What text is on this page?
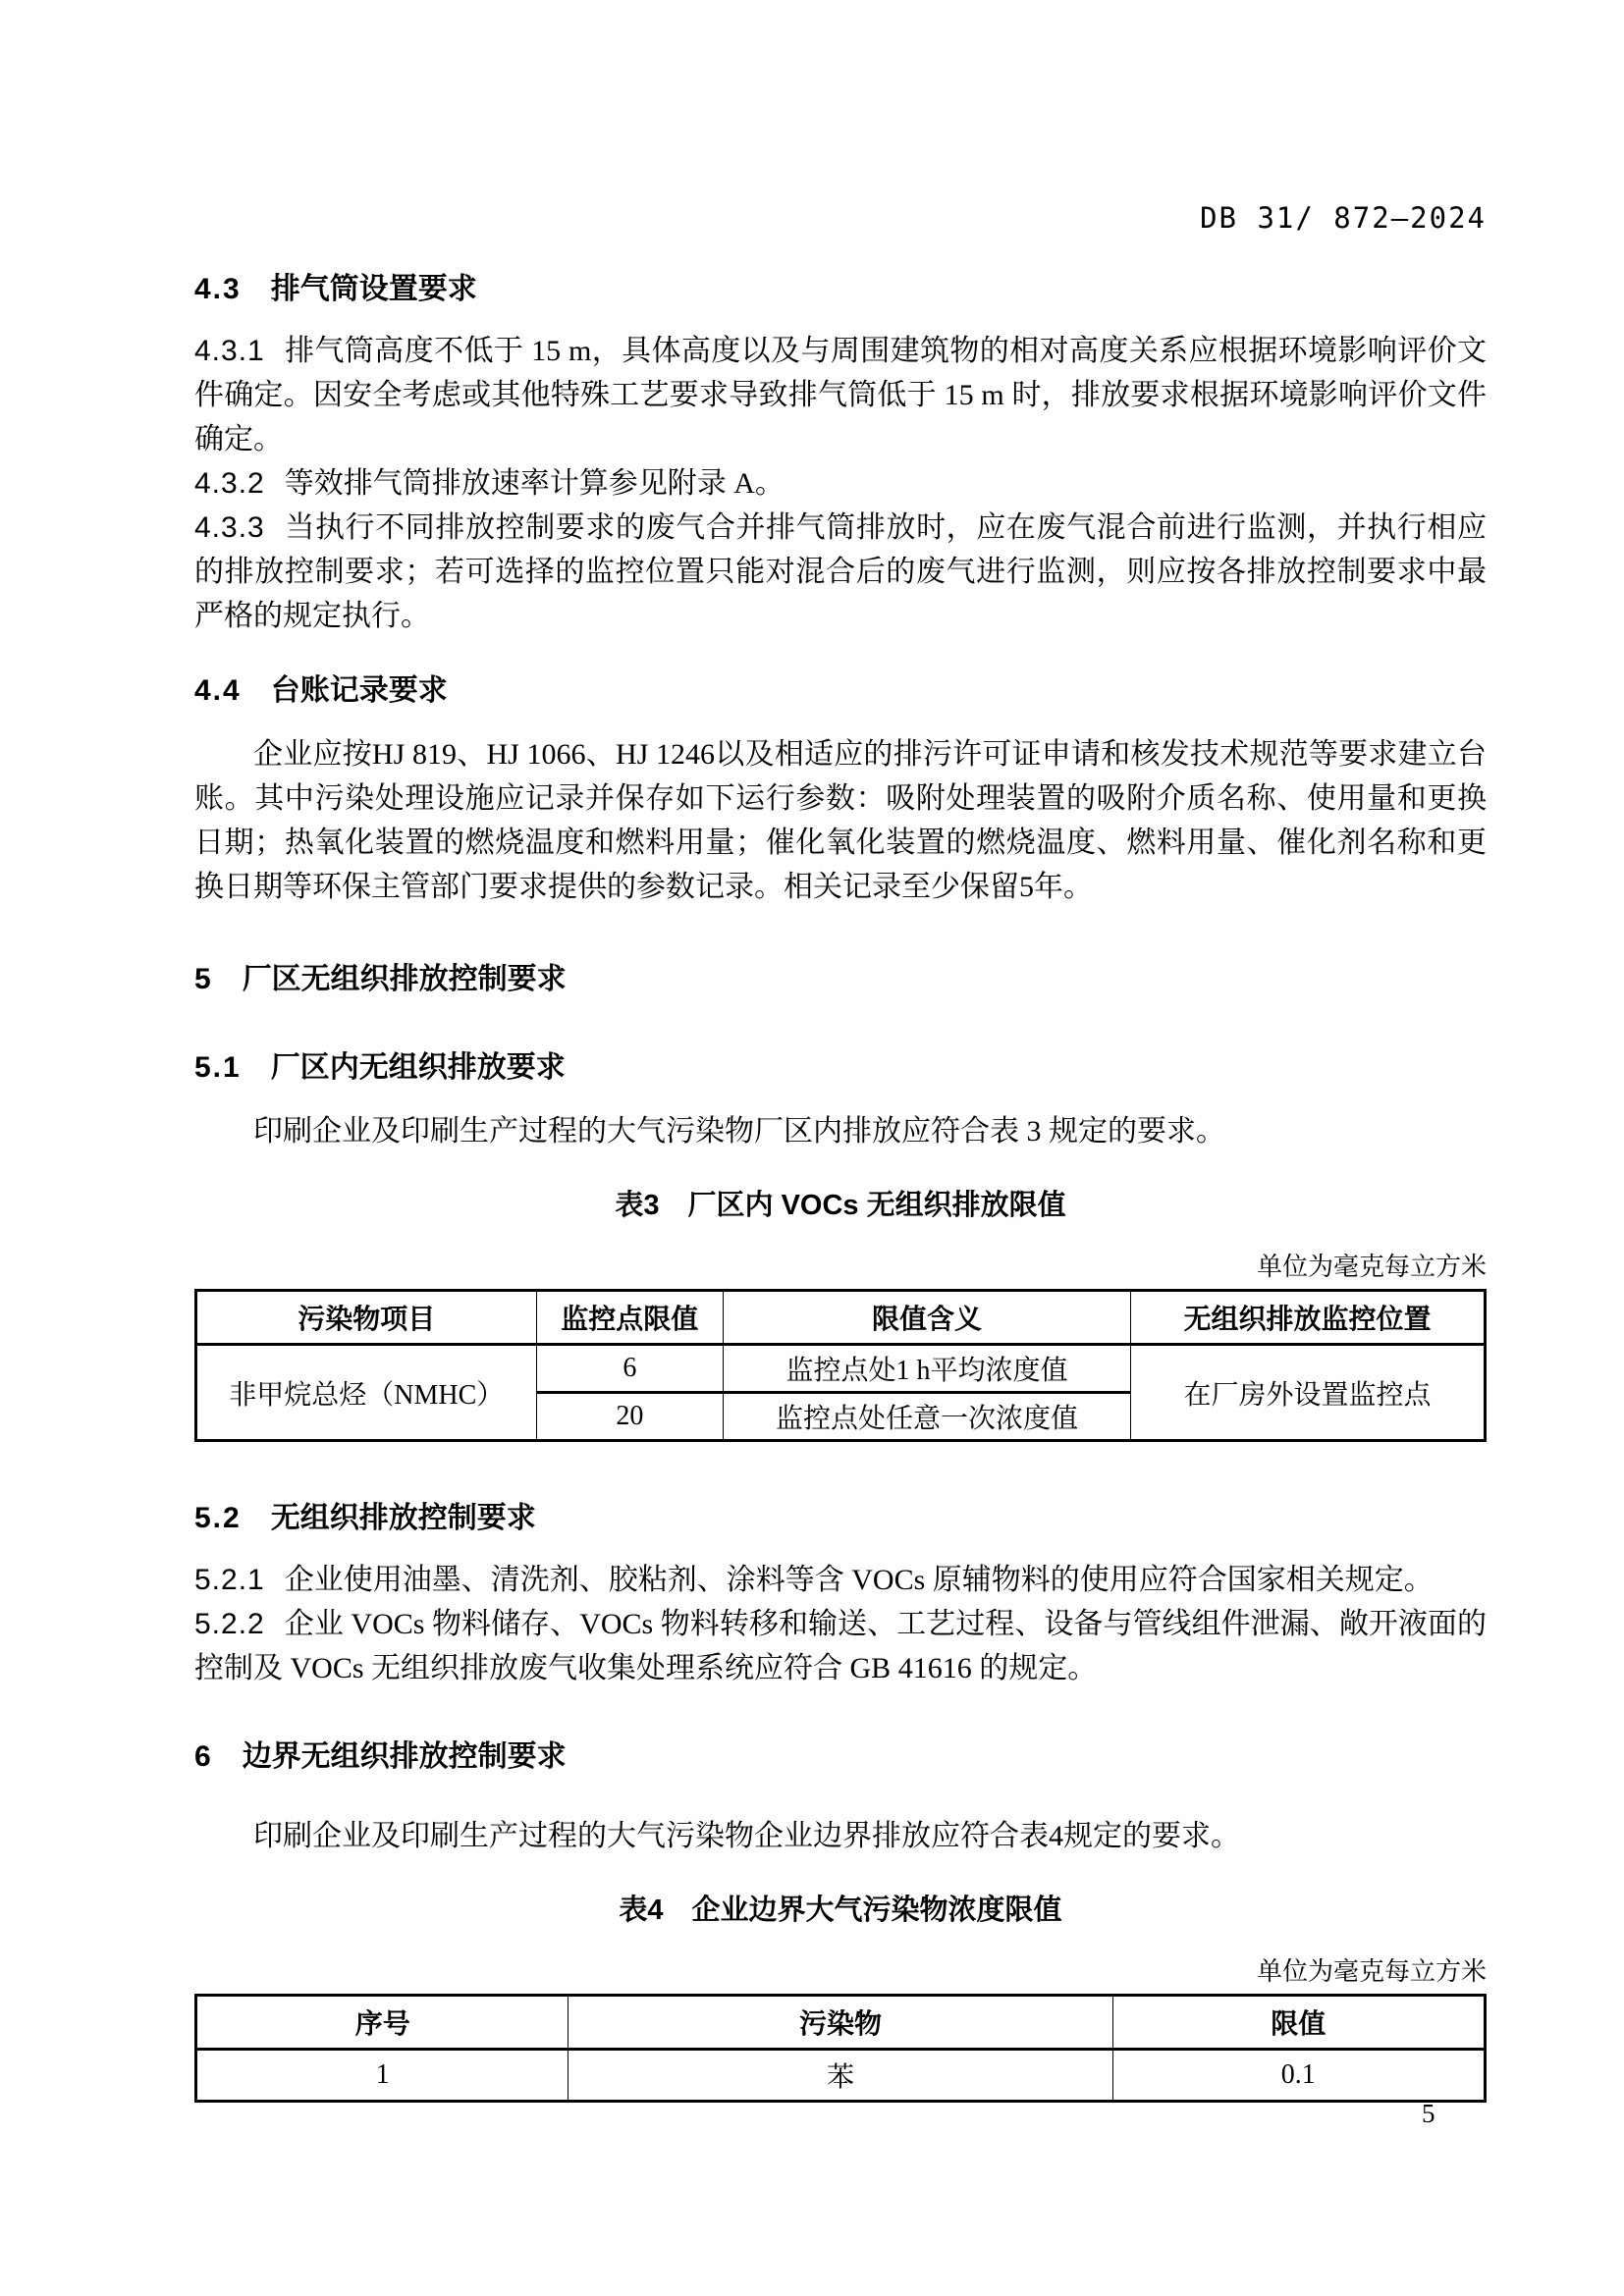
DB 31/ 872—2024
4.3 排气筒设置要求

4.3.1 排气筒高度不低于 15 m，具体高度以及与周围建筑物的相对高度关系应根据环境影响评价文件确定。因安全考虑或其他特殊工艺要求导致排气筒低于 15 m 时，排放要求根据环境影响评价文件确定。

4.3.2 等效排气筒排放速率计算参见附录 A。

4.3.3 当执行不同排放控制要求的废气合并排气筒排放时，应在废气混合前进行监测，并执行相应的排放控制要求；若可选择的监控位置只能对混合后的废气进行监测，则应按各排放控制要求中最严格的规定执行。

4.4 台账记录要求

企业应按HJ 819、HJ 1066、HJ 1246以及相适应的排污许可证申请和核发技术规范等要求建立台账。其中污染处理设施应记录并保存如下运行参数：吸附处理装置的吸附介质名称、使用量和更换日期；热氧化装置的燃烧温度和燃料用量；催化氧化装置的燃烧温度、燃料用量、催化剂名称和更换日期等环保主管部门要求提供的参数记录。相关记录至少保留5年。

5 厂区无组织排放控制要求
5.1 厂区内无组织排放要求

印刷企业及印刷生产过程的大气污染物厂区内排放应符合表 3 规定的要求。

表3　厂区内 VOCs 无组织排放限值
单位为毫克每立方米
污染物项目	监控点限值	限值含义	无组织排放监控位置
非甲烷总烃（NMHC）	6	监控点处1 h平均浓度值	在厂房外设置监控点
	20	监控点处任意一次浓度值	
5.2 无组织排放控制要求

5.2.1 企业使用油墨、清洗剂、胶粘剂、涂料等含 VOCs 原辅物料的使用应符合国家相关规定。

5.2.2 企业 VOCs 物料储存、VOCs 物料转移和输送、工艺过程、设备与管线组件泄漏、敞开液面的控制及 VOCs 无组织排放废气收集处理系统应符合 GB 41616 的规定。

6 边界无组织排放控制要求

印刷企业及印刷生产过程的大气污染物企业边界排放应符合表4规定的要求。

表4　企业边界大气污染物浓度限值
单位为毫克每立方米
序号	污染物	限值
1	苯	0.1
5
